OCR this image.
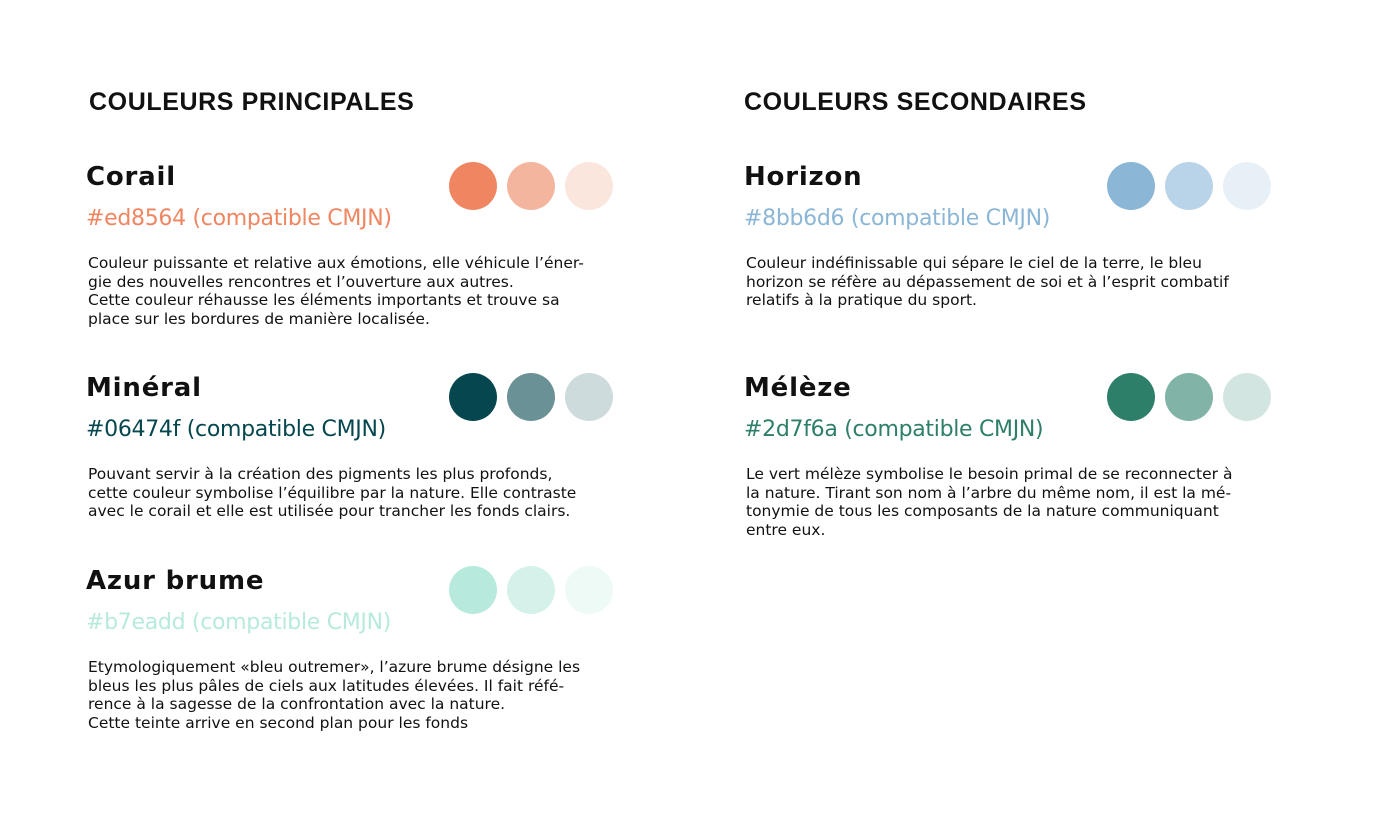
COULEURS PRINCIPALES	COULEURS SECONDAIRES
Corail

#ed8564 (compatible CMJN)

Couleur puissante et relative aux émotions, elle véhicule l’éner-
gie des nouvelles rencontres et l’ouverture aux autres.
Cette couleur réhausse les éléments importants et trouve sa
place sur les bordures de manière localisée.

Minéral

#06474f (compatible CMJN)

Pouvant servir à la création des pigments les plus profonds,
cette couleur symbolise l’équilibre par la nature. Elle contraste
avec le corail et elle est utilisée pour trancher les fonds clairs.

Azur brume

#b7eadd (compatible CMJN)

Etymologiquement «bleu outremer», l’azure brume désigne les
bleus les plus pâles de ciels aux latitudes élevées. Il fait réfé-
rence à la sagesse de la confrontation avec la nature.
Cette teinte arrive en second plan pour les fonds

Horizon

#8bb6d6 (compatible CMJN)

Couleur indéfinissable qui sépare le ciel de la terre, le bleu
horizon se réfère au dépassement de soi et à l’esprit combatif
relatifs à la pratique du sport.

Mélèze

#2d7f6a (compatible CMJN)

Le vert mélèze symbolise le besoin primal de se reconnecter à
la nature. Tirant son nom à l’arbre du même nom, il est la mé-
tonymie de tous les composants de la nature communiquant
entre eux.
